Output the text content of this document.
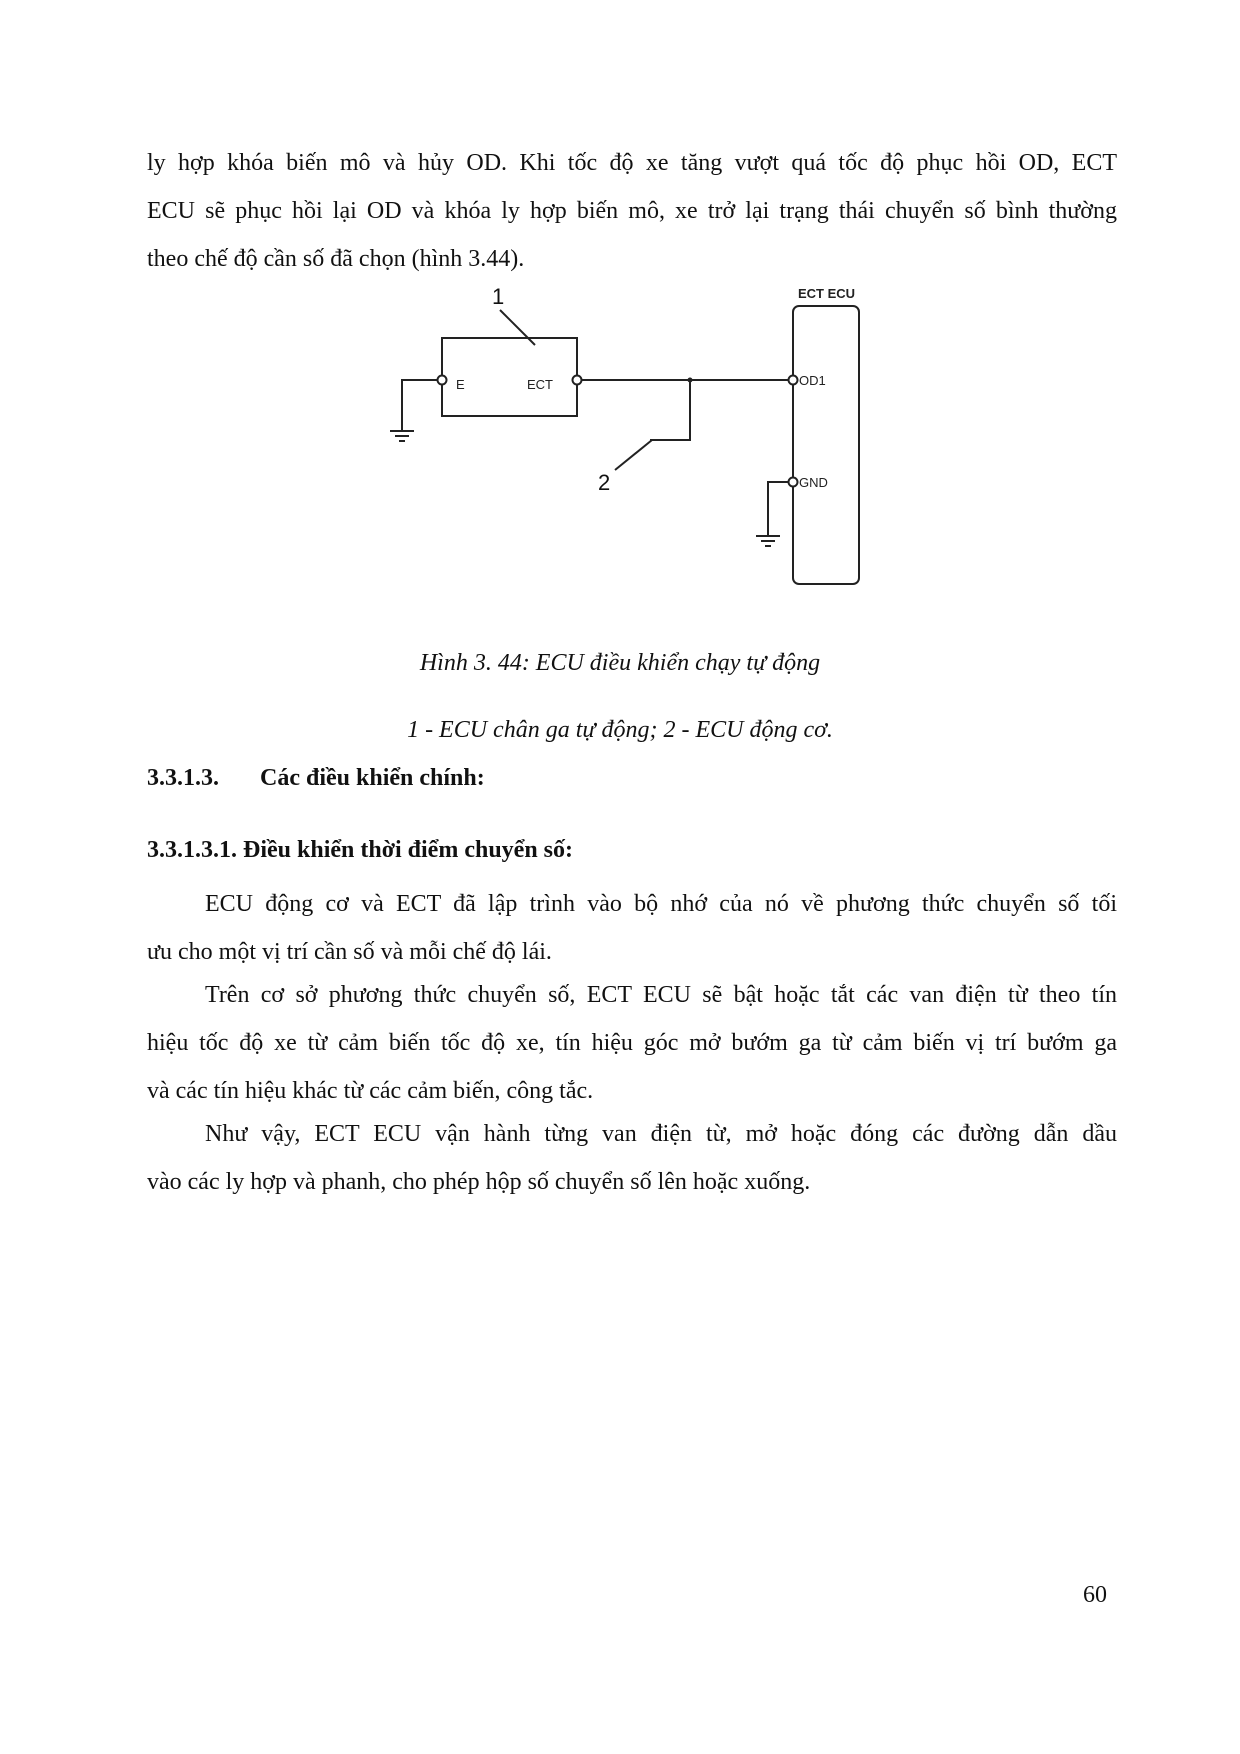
ly hợp khóa biến mô và hủy OD. Khi tốc độ xe tăng vượt quá tốc độ phục hồi OD, ECT
ECU sẽ phục hồi lại OD và khóa ly hợp biến mô, xe trở lại trạng thái chuyển số bình thường
theo chế độ cần số đã chọn (hình 3.44).
ECT ECU
1
2
E	ECT	OD1
GND
Hình 3. 44: ECU điều khiển chạy tự động
1 - ECU chân ga tự động; 2 - ECU động cơ.
3.3.1.3. Các điều khiển chính:
3.3.1.3.1. Điều khiển thời điểm chuyển số:
ECU động cơ và ECT đã lập trình vào bộ nhớ của nó về phương thức chuyển số tối
ưu cho một vị trí cần số và mỗi chế độ lái.
Trên cơ sở phương thức chuyển số, ECT ECU sẽ bật hoặc tắt các van điện từ theo tín
hiệu tốc độ xe từ cảm biến tốc độ xe, tín hiệu góc mở bướm ga từ cảm biến vị trí bướm ga
và các tín hiệu khác từ các cảm biến, công tắc.
Như vậy, ECT ECU vận hành từng van điện từ, mở hoặc đóng các đường dẫn dầu
vào các ly hợp và phanh, cho phép hộp số chuyển số lên hoặc xuống.
60
